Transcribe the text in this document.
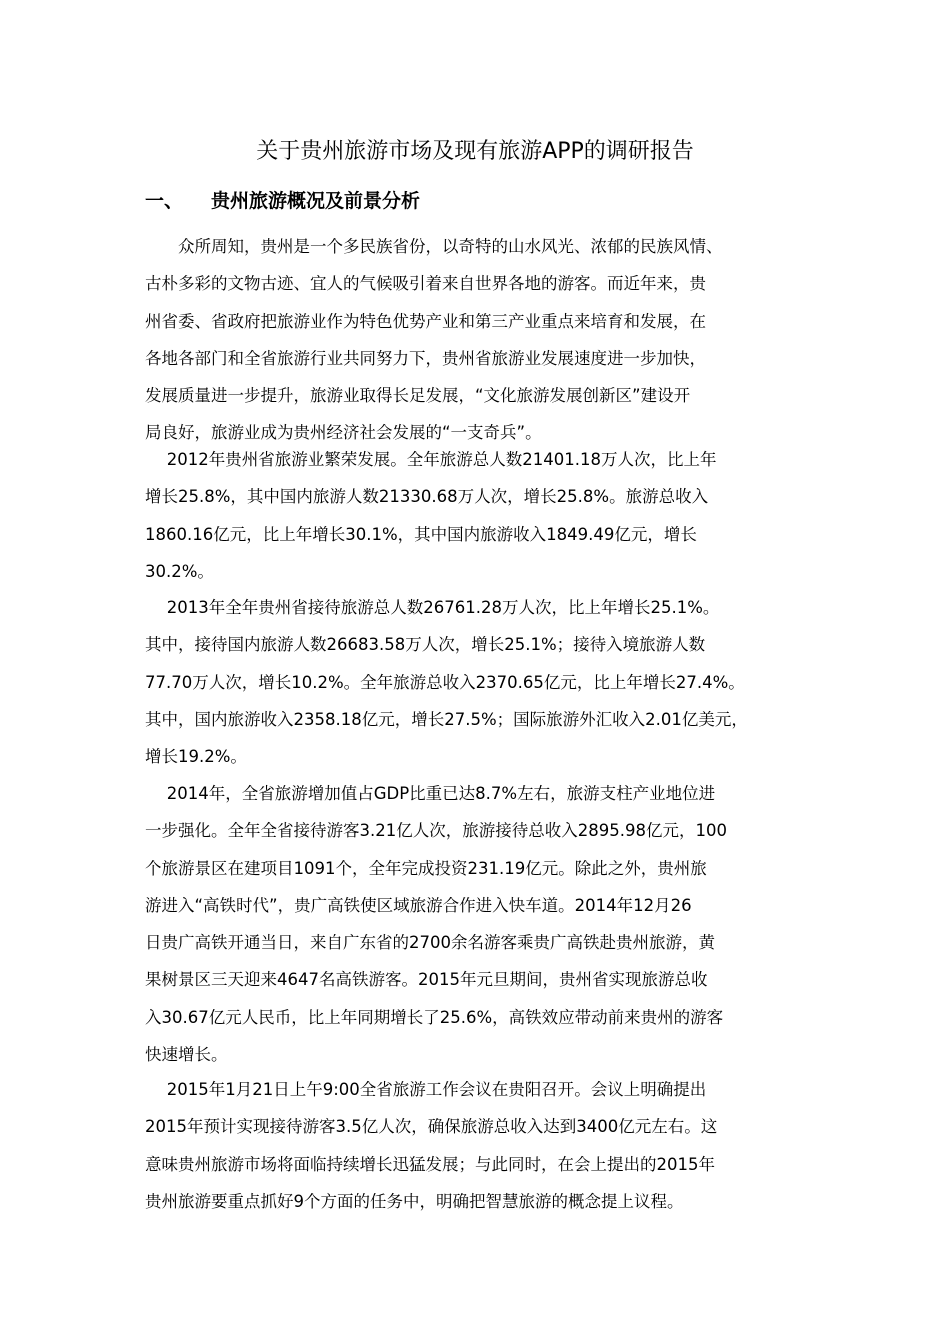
关于贵州旅游市场及现有旅游APP的调研报告
一、 贵州旅游概况及前景分析
　　众所周知，贵州是一个多民族省份，以奇特的山水风光、浓郁的民族风情、
古朴多彩的文物古迹、宜人的气候吸引着来自世界各地的游客。而近年来，贵
州省委、省政府把旅游业作为特色优势产业和第三产业重点来培育和发展，在
各地各部门和全省旅游行业共同努力下，贵州省旅游业发展速度进一步加快，
发展质量进一步提升，旅游业取得长足发展，“文化旅游发展创新区”建设开
局良好，旅游业成为贵州经济社会发展的“一支奇兵”。
　 2012年贵州省旅游业繁荣发展。全年旅游总人数21401.18万人次，比上年
增长25.8%，其中国内旅游人数21330.68万人次，增长25.8%。旅游总收入
1860.16亿元，比上年增长30.1%，其中国内旅游收入1849.49亿元，增长
30.2%。
　 2013年全年贵州省接待旅游总人数26761.28万人次，比上年增长25.1%。
其中，接待国内旅游人数26683.58万人次，增长25.1%；接待入境旅游人数
77.70万人次，增长10.2%。全年旅游总收入2370.65亿元，比上年增长27.4%。
其中，国内旅游收入2358.18亿元，增长27.5%；国际旅游外汇收入2.01亿美元，
增长19.2%。
　 2014年，全省旅游增加值占GDP比重已达8.7%左右，旅游支柱产业地位进
一步强化。全年全省接待游客3.21亿人次，旅游接待总收入2895.98亿元，100
个旅游景区在建项目1091个，全年完成投资231.19亿元。除此之外，贵州旅
游进入“高铁时代”，贵广高铁使区域旅游合作进入快车道。2014年12月26
日贵广高铁开通当日，来自广东省的2700余名游客乘贵广高铁赴贵州旅游，黄
果树景区三天迎来4647名高铁游客。2015年元旦期间，贵州省实现旅游总收
入30.67亿元人民币，比上年同期增长了25.6%，高铁效应带动前来贵州的游客
快速增长。
　 2015年1月21日上午9:00全省旅游工作会议在贵阳召开。会议上明确提出
2015年预计实现接待游客3.5亿人次，确保旅游总收入达到3400亿元左右。这
意味贵州旅游市场将面临持续增长迅猛发展；与此同时，在会上提出的2015年
贵州旅游要重点抓好9个方面的任务中，明确把智慧旅游的概念提上议程。
